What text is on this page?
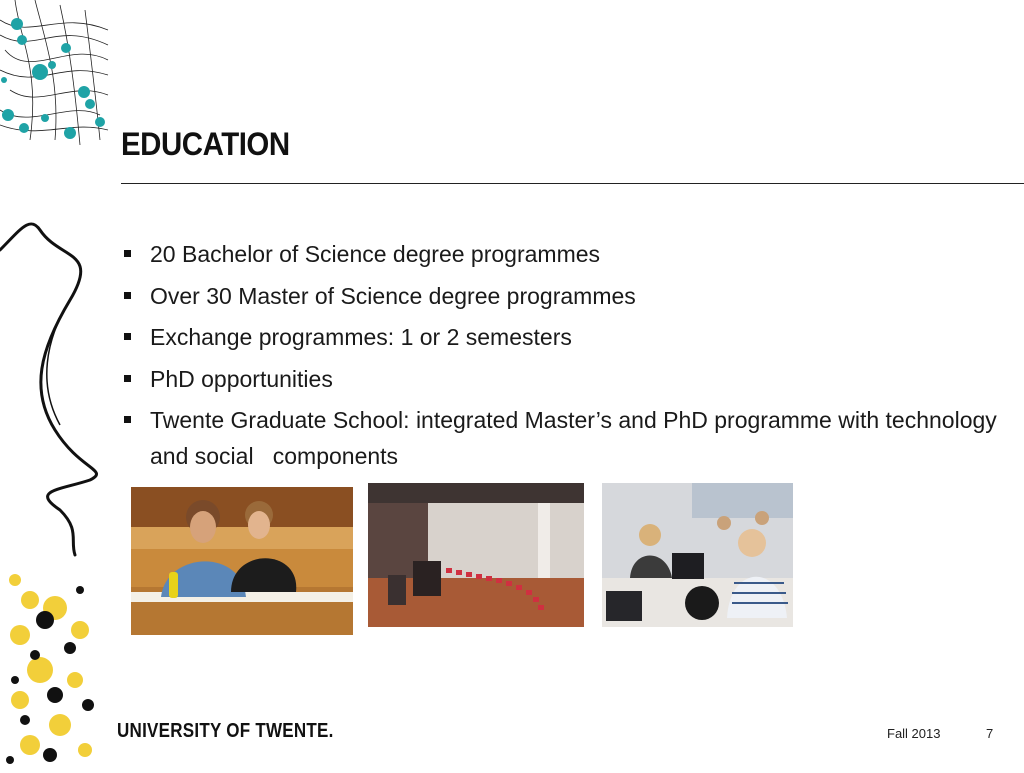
EDUCATION
20 Bachelor of Science degree programmes
Over 30 Master of Science degree programmes
Exchange programmes: 1 or 2 semesters
PhD opportunities
Twente Graduate School: integrated Master’s and PhD programme with technology and social   components
UNIVERSITY OF TWENTE.	Fall 2013	7
